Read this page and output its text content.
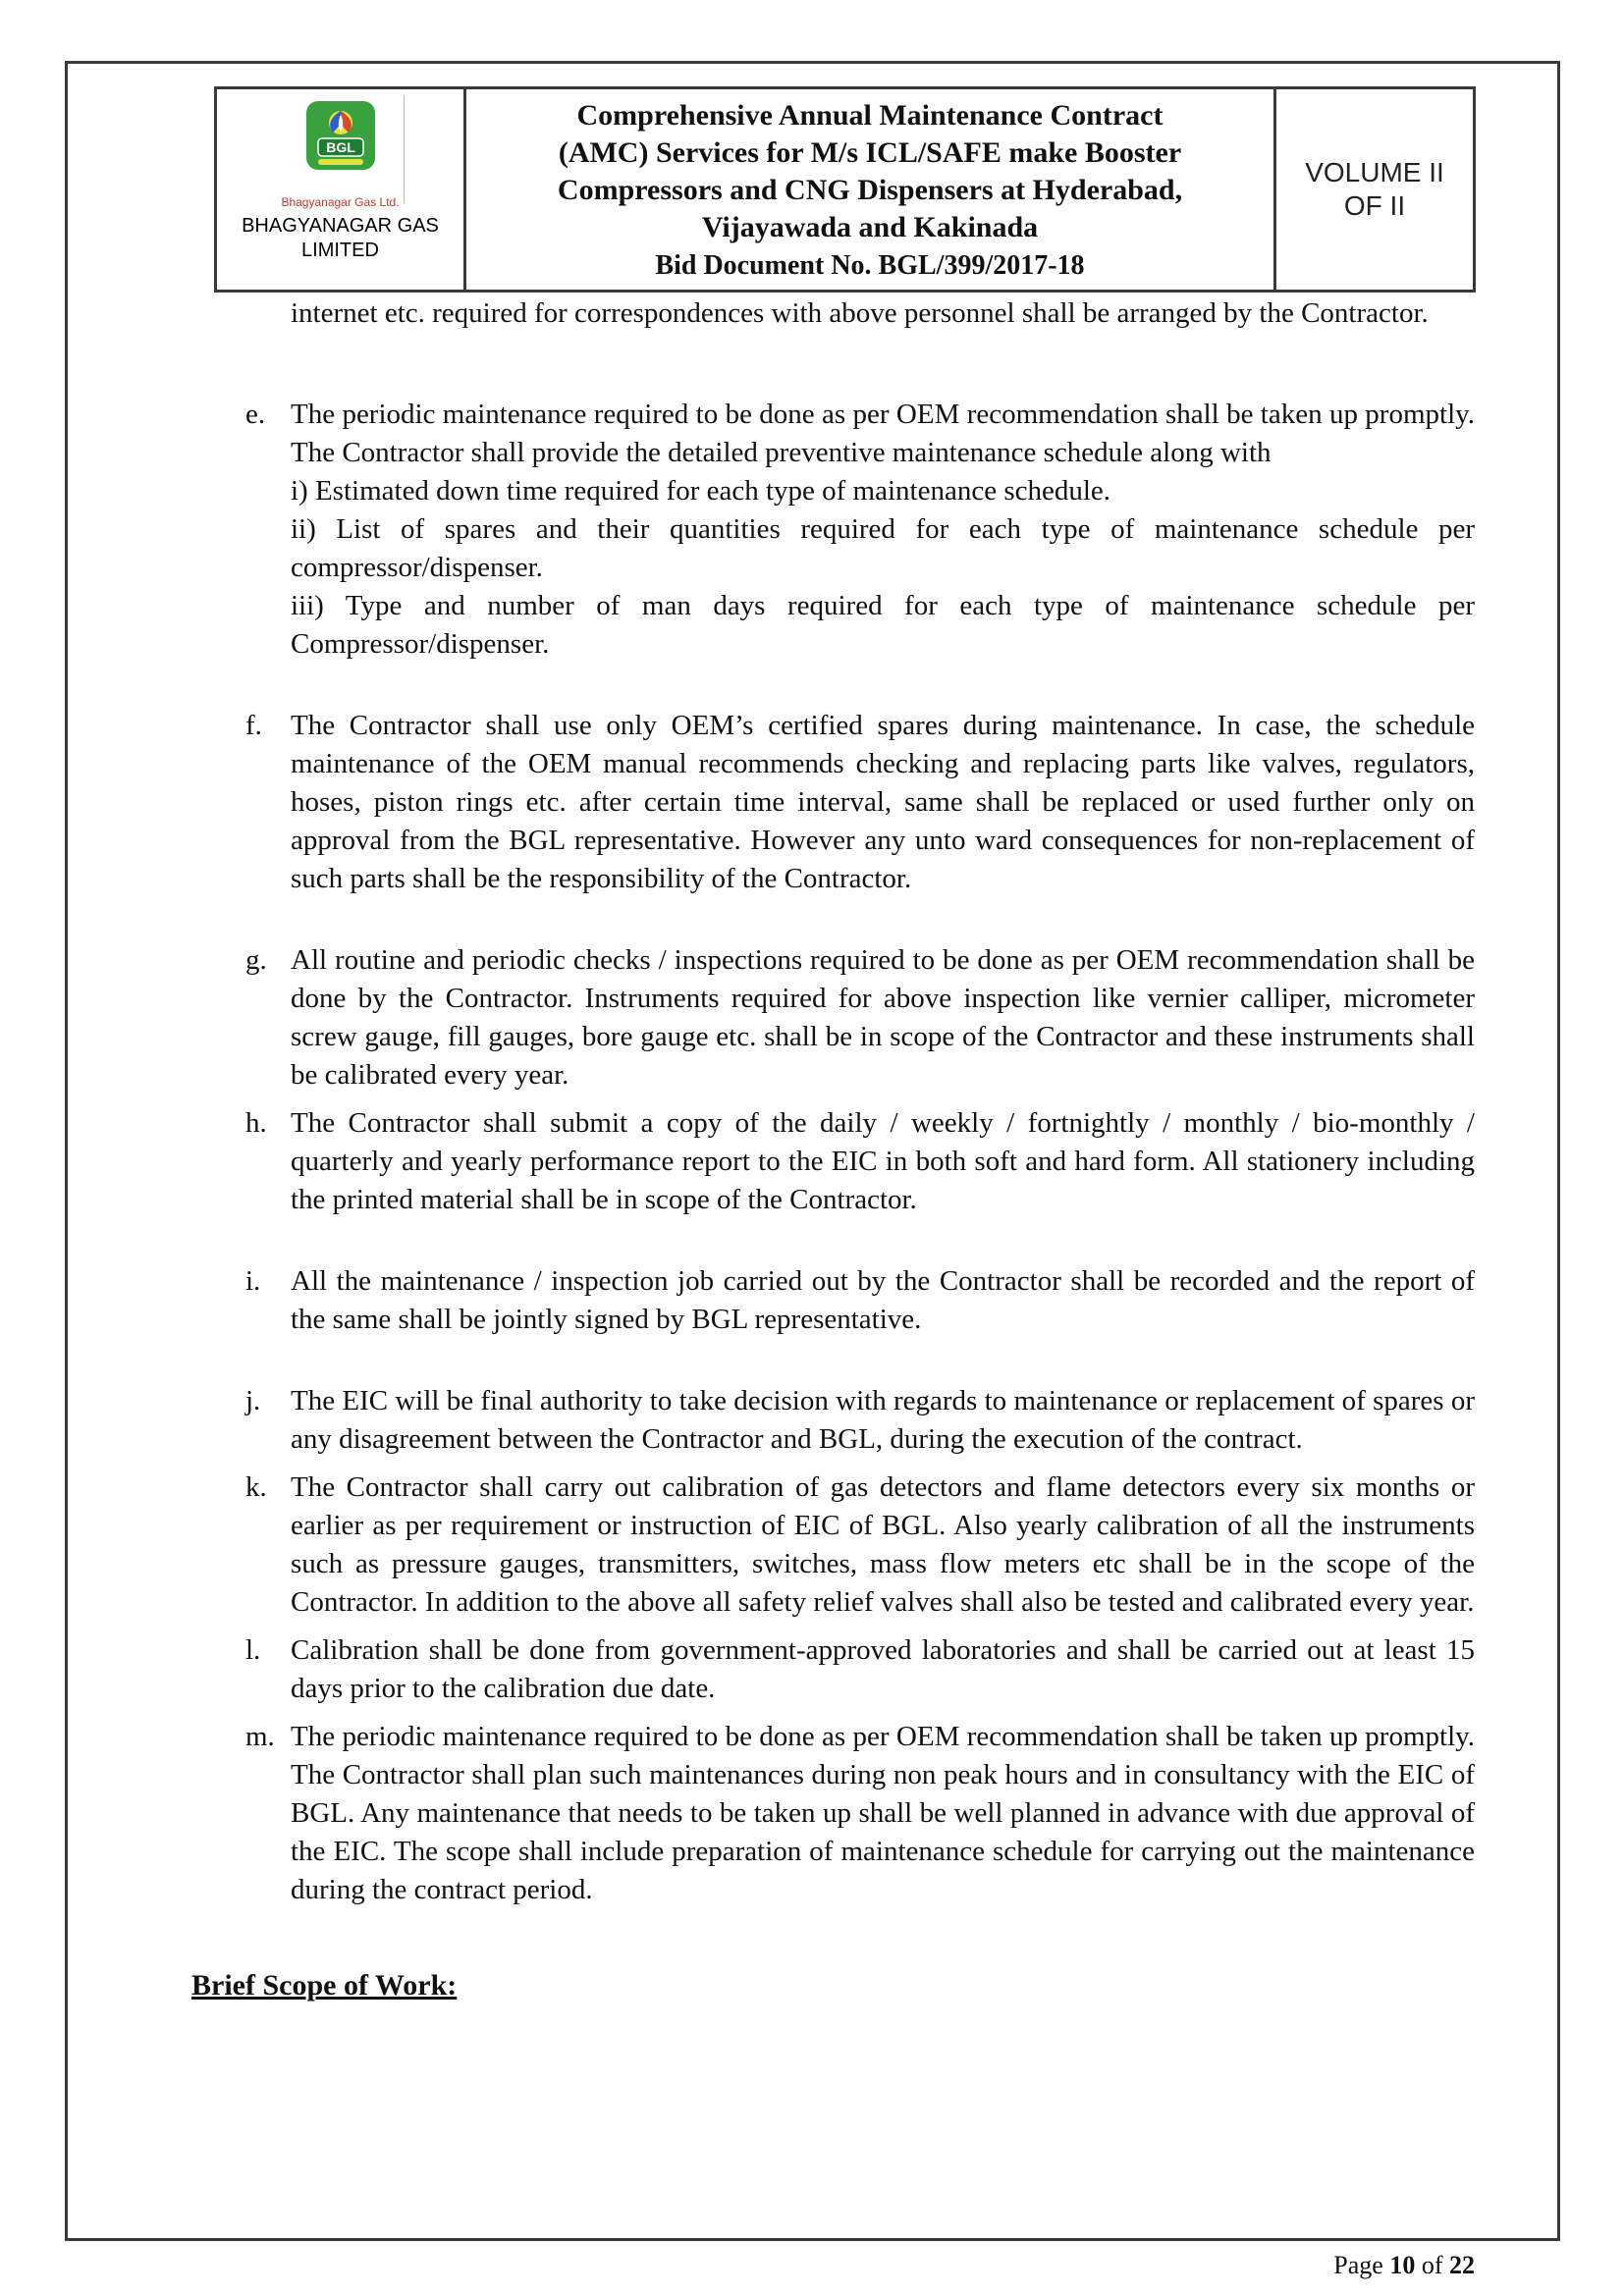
BGL
Bhagyanagar Gas Ltd.
BHAGYANAGAR GAS
LIMITED
Comprehensive Annual Maintenance Contract
(AMC) Services for M/s ICL/SAFE make Booster
Compressors and CNG Dispensers at Hyderabad,
Vijayawada and Kakinada
Bid Document No. BGL/399/2017-18
VOLUME II
OF II

internet etc. required for correspondences with above personnel shall be arranged by the Contractor.

e. The periodic maintenance required to be done as per OEM recommendation shall be taken up promptly. The Contractor shall provide the detailed preventive maintenance schedule along with

i) Estimated down time required for each type of maintenance schedule.

ii) List of spares and their quantities required for each type of maintenance schedule per compressor/dispenser.

iii) Type and number of man days required for each type of maintenance schedule per Compressor/dispenser.

f. The Contractor shall use only OEM’s certified spares during maintenance. In case, the schedule maintenance of the OEM manual recommends checking and replacing parts like valves, regulators, hoses, piston rings etc. after certain time interval, same shall be replaced or used further only on approval from the BGL representative. However any unto ward consequences for non-replacement of such parts shall be the responsibility of the Contractor.

g. All routine and periodic checks / inspections required to be done as per OEM recommendation shall be done by the Contractor. Instruments required for above inspection like vernier calliper, micrometer screw gauge, fill gauges, bore gauge etc. shall be in scope of the Contractor and these instruments shall be calibrated every year.

h. The Contractor shall submit a copy of the daily / weekly / fortnightly / monthly / bio-monthly / quarterly and yearly performance report to the EIC in both soft and hard form. All stationery including the printed material shall be in scope of the Contractor.

i. All the maintenance / inspection job carried out by the Contractor shall be recorded and the report of the same shall be jointly signed by BGL representative.

j. The EIC will be final authority to take decision with regards to maintenance or replacement of spares or any disagreement between the Contractor and BGL, during the execution of the contract.

k. The Contractor shall carry out calibration of gas detectors and flame detectors every six months or earlier as per requirement or instruction of EIC of BGL. Also yearly calibration of all the instruments such as pressure gauges, transmitters, switches, mass flow meters etc shall be in the scope of the Contractor. In addition to the above all safety relief valves shall also be tested and calibrated every year.

l. Calibration shall be done from government-approved laboratories and shall be carried out at least 15 days prior to the calibration due date.

m. The periodic maintenance required to be done as per OEM recommendation shall be taken up promptly. The Contractor shall plan such maintenances during non peak hours and in consultancy with the EIC of BGL. Any maintenance that needs to be taken up shall be well planned in advance with due approval of the EIC. The scope shall include preparation of maintenance schedule for carrying out the maintenance during the contract period.

Brief Scope of Work:

Page 10 of 22
